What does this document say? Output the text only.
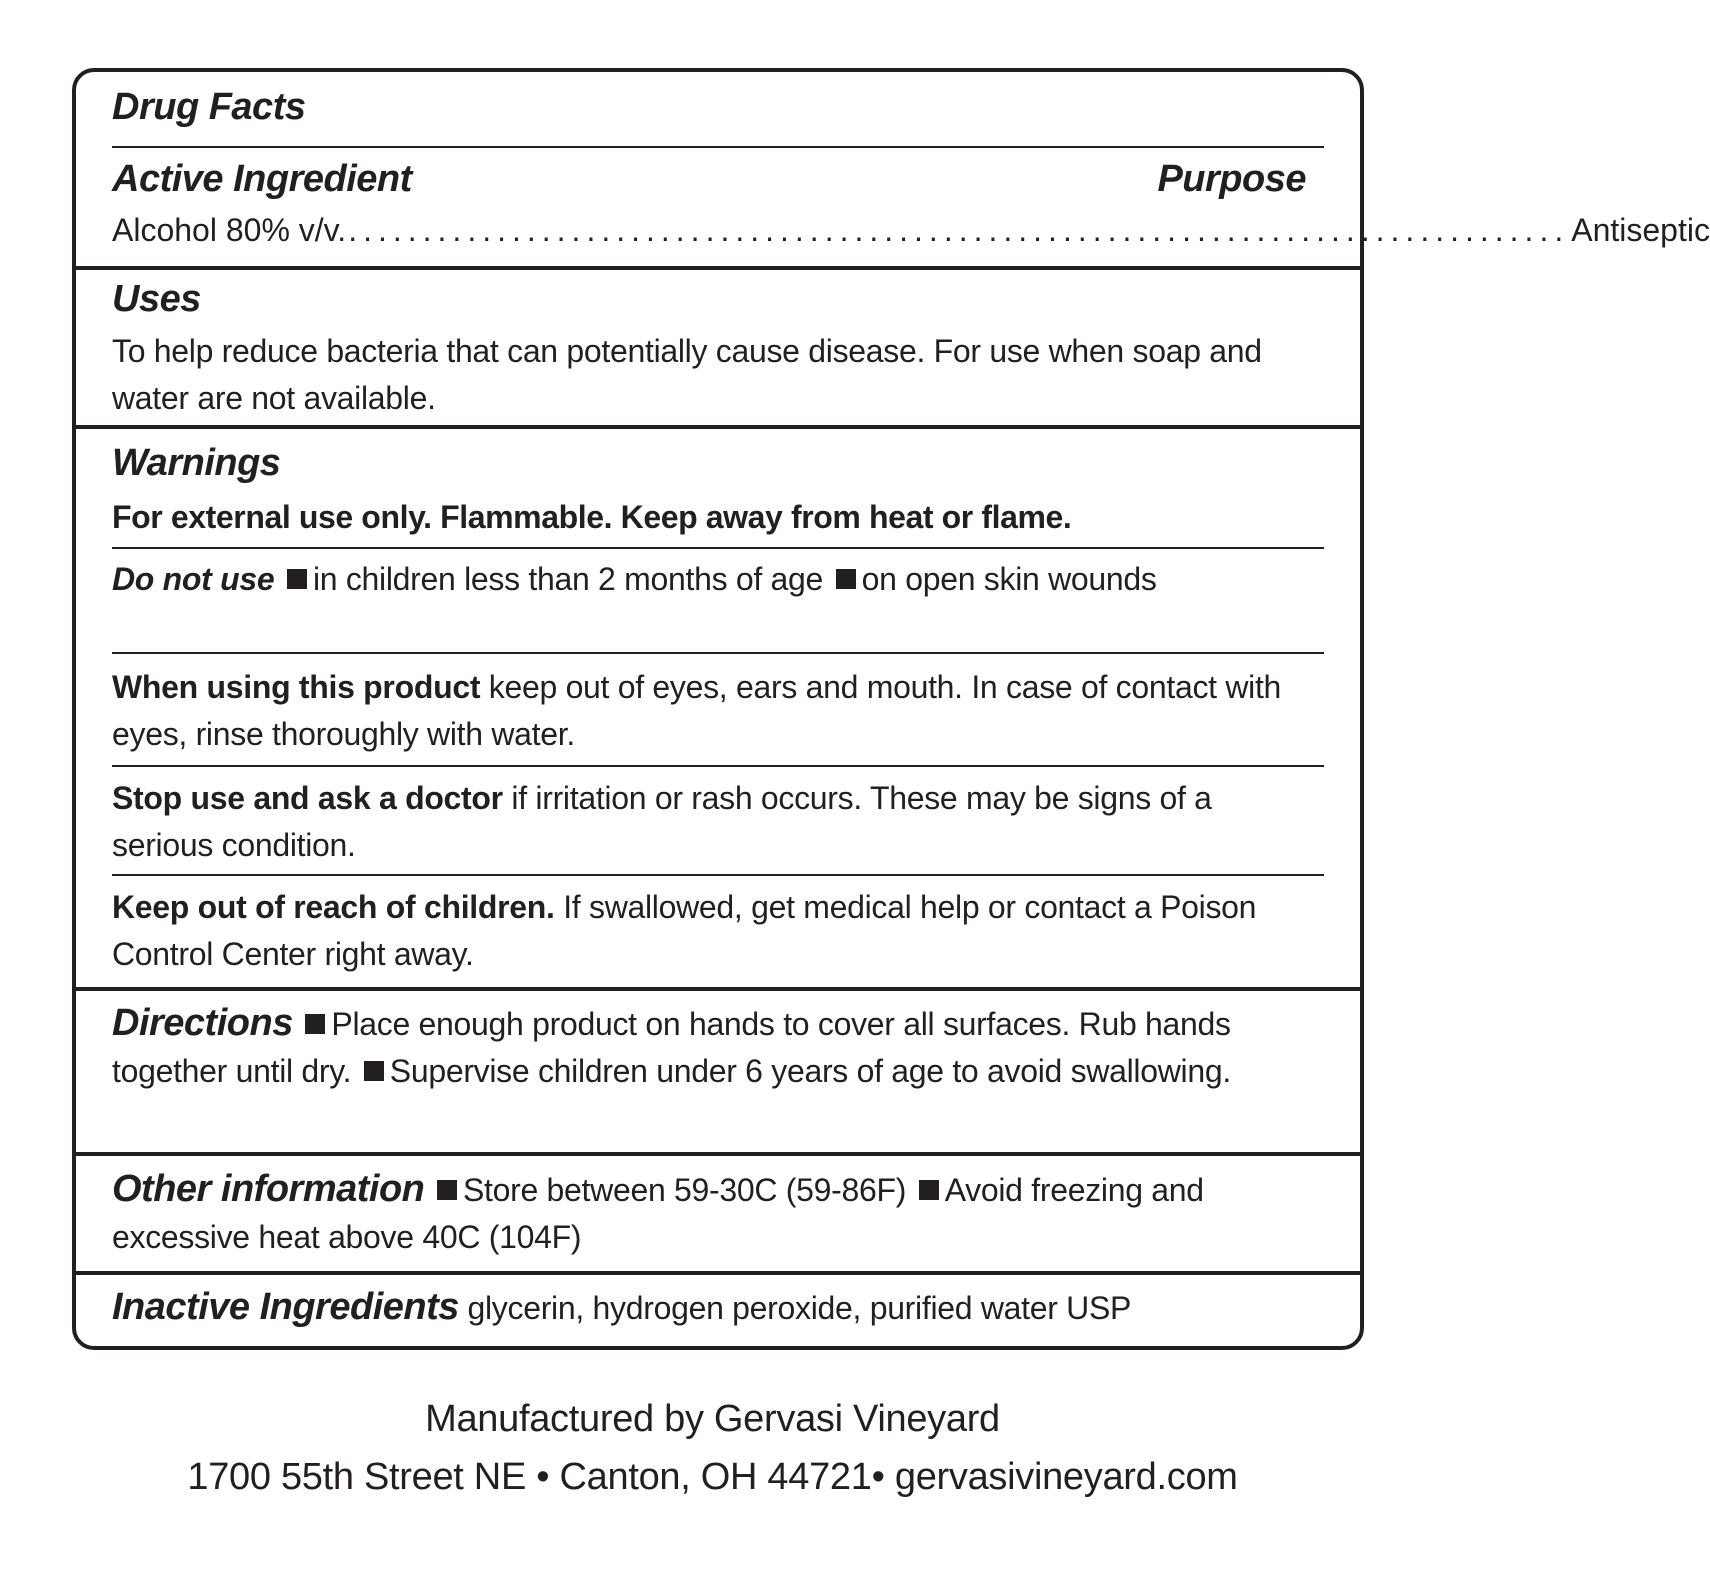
Drug Facts
Active Ingredient	Purpose
Alcohol 80% v/v. .................................................................................. Antiseptic
Uses
To help reduce bacteria that can potentially cause disease. For use when soap and water are not available.
Warnings
For external use only. Flammable. Keep away from heat or flame.
Do not use in children less than 2 months of age on open skin wounds
When using this product keep out of eyes, ears and mouth. In case of contact with eyes, rinse thoroughly with water.
Stop use and ask a doctor if irritation or rash occurs. These may be signs of a serious condition.
Keep out of reach of children. If swallowed, get medical help or contact a Poison Control Center right away.
Directions Place enough product on hands to cover all surfaces. Rub hands together until dry. Supervise children under 6 years of age to avoid swallowing.
Other information Store between 59-30C (59-86F) Avoid freezing and excessive heat above 40C (104F)
Inactive Ingredients glycerin, hydrogen peroxide, purified water USP
Manufactured by Gervasi Vineyard
1700 55th Street NE • Canton, OH 44721• gervasivineyard.com
